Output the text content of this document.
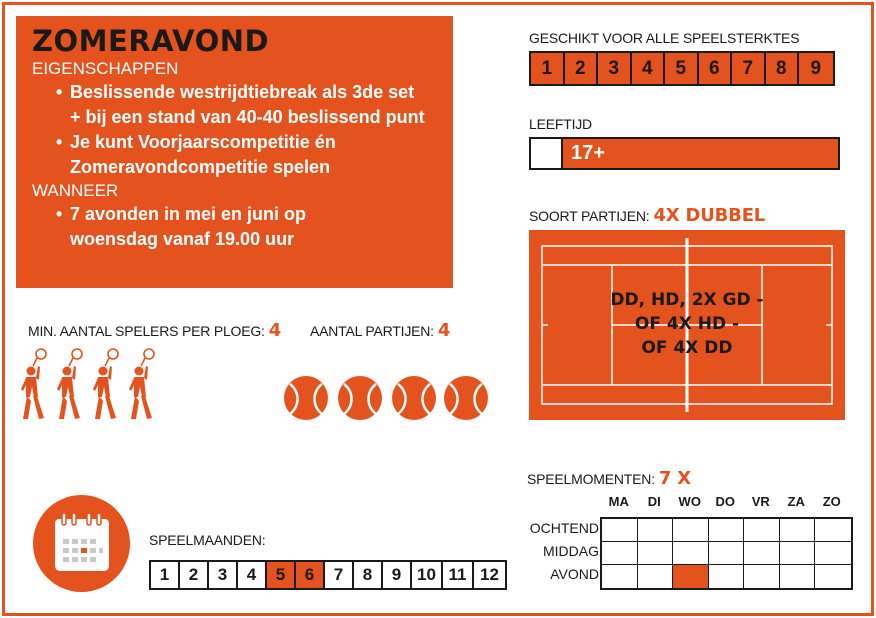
ZOMERAVOND
EIGENSCHAPPEN
• Beslissende westrijdtiebreak als 3de set
+ bij een stand van 40-40 beslissend punt
• Je kunt Voorjaarscompetitie én
Zomeravondcompetitie spelen
WANNEER
• 7 avonden in mei en juni op
woensdag vanaf 19.00 uur
GESCHIKT VOOR ALLE SPEELSTERKTES
1	2	3	4	5	6	7	8	9
LEEFTIJD
17+
SOORT PARTIJEN: 4X DUBBEL
DD, HD, 2X GD -
OF 4X HD -
OF 4X DD
MIN. AANTAL SPELERS PER PLOEG: 4 AANTAL PARTIJEN: 4
SPEELMAANDEN:
1	2	3	4	5	6	7	8	9 10 11 12
SPEELMOMENTEN: 7 X
MA	DI	WO	DO	VR	ZA	ZO
OCHTEND
MIDDAG
AVOND
